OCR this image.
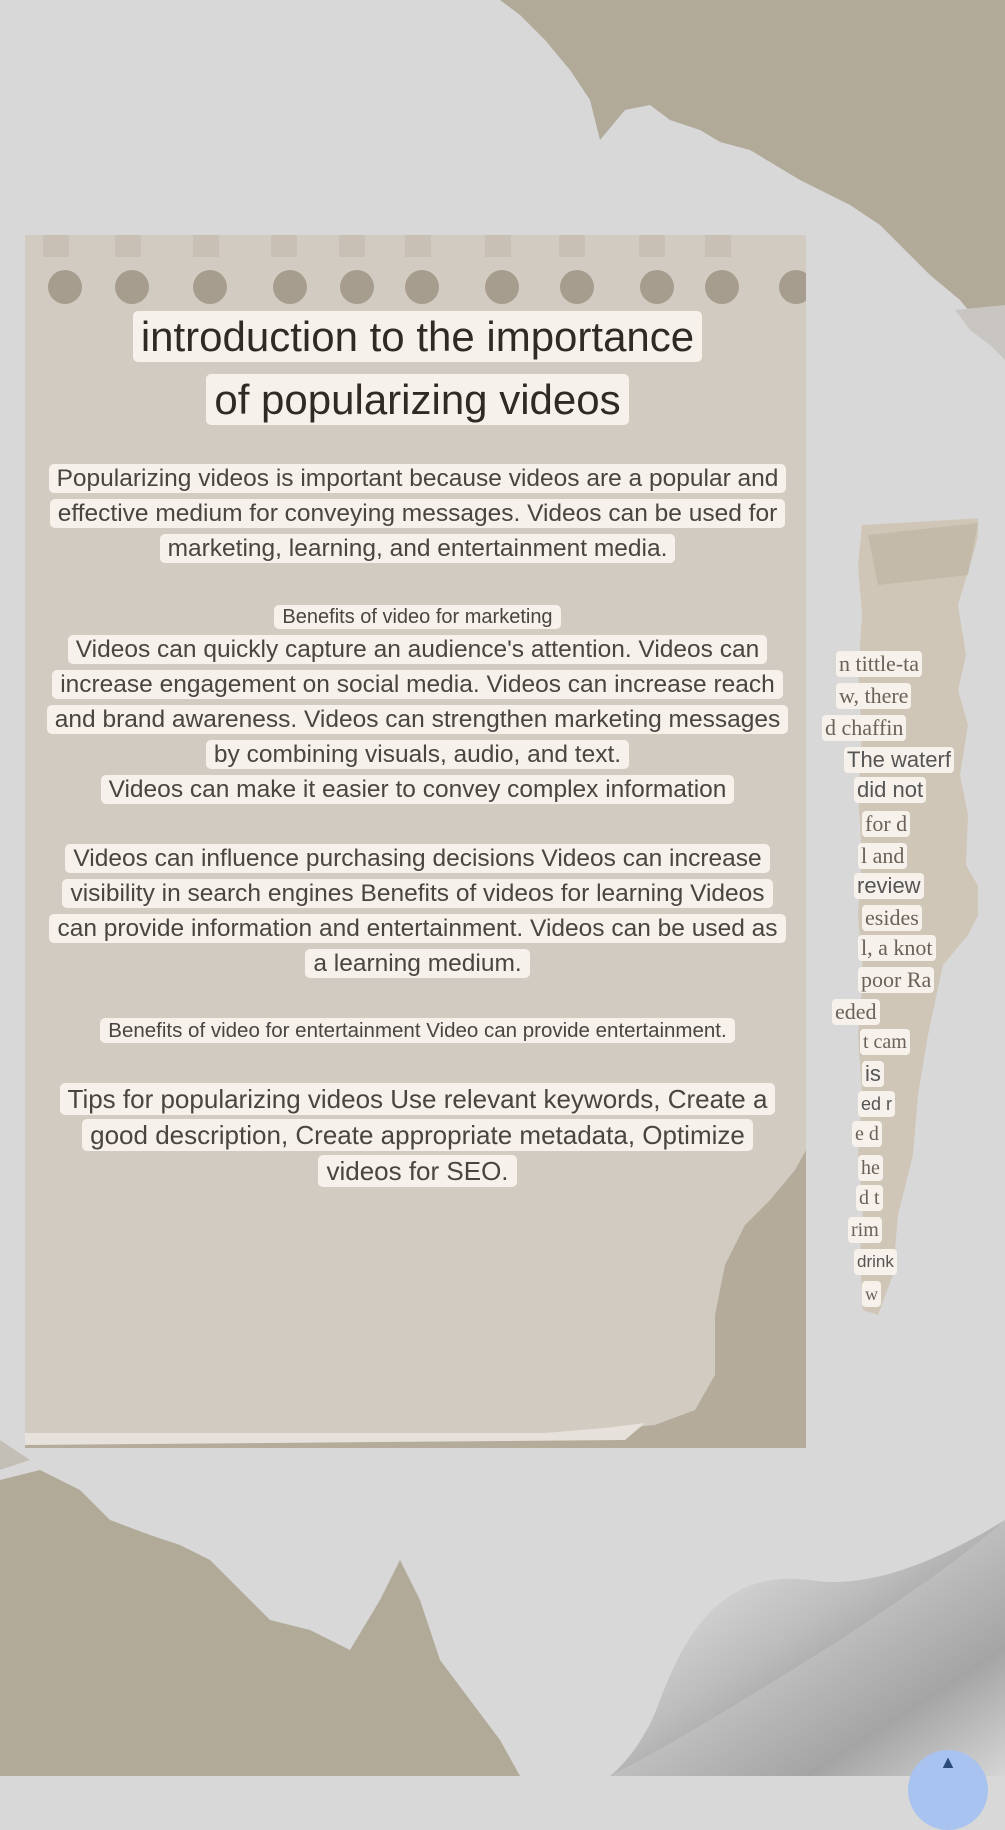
introduction to the importance
of popularizing videos

Popularizing videos is important because videos are a popular and effective medium for conveying messages. Videos can be used for marketing, learning, and entertainment media.

Benefits of video for marketing

Videos can quickly capture an audience's attention. Videos can increase engagement on social media. Videos can increase reach and brand awareness. Videos can strengthen marketing messages by combining visuals, audio, and text.

Videos can make it easier to convey complex information

Videos can influence purchasing decisions Videos can increase visibility in search engines Benefits of videos for learning Videos can provide information and entertainment. Videos can be used as a learning medium.

Benefits of video for entertainment Video can provide entertainment.

Tips for popularizing videos Use relevant keywords, Create a good description, Create appropriate metadata, Optimize videos for SEO.

n tittle-ta
w, there
d chaffin
The waterf
did not
for d
l and
review
esides
l, a knot
poor Ra
eded
t cam
is
ed r
e d
he
d t
rim
drink
w
▲
